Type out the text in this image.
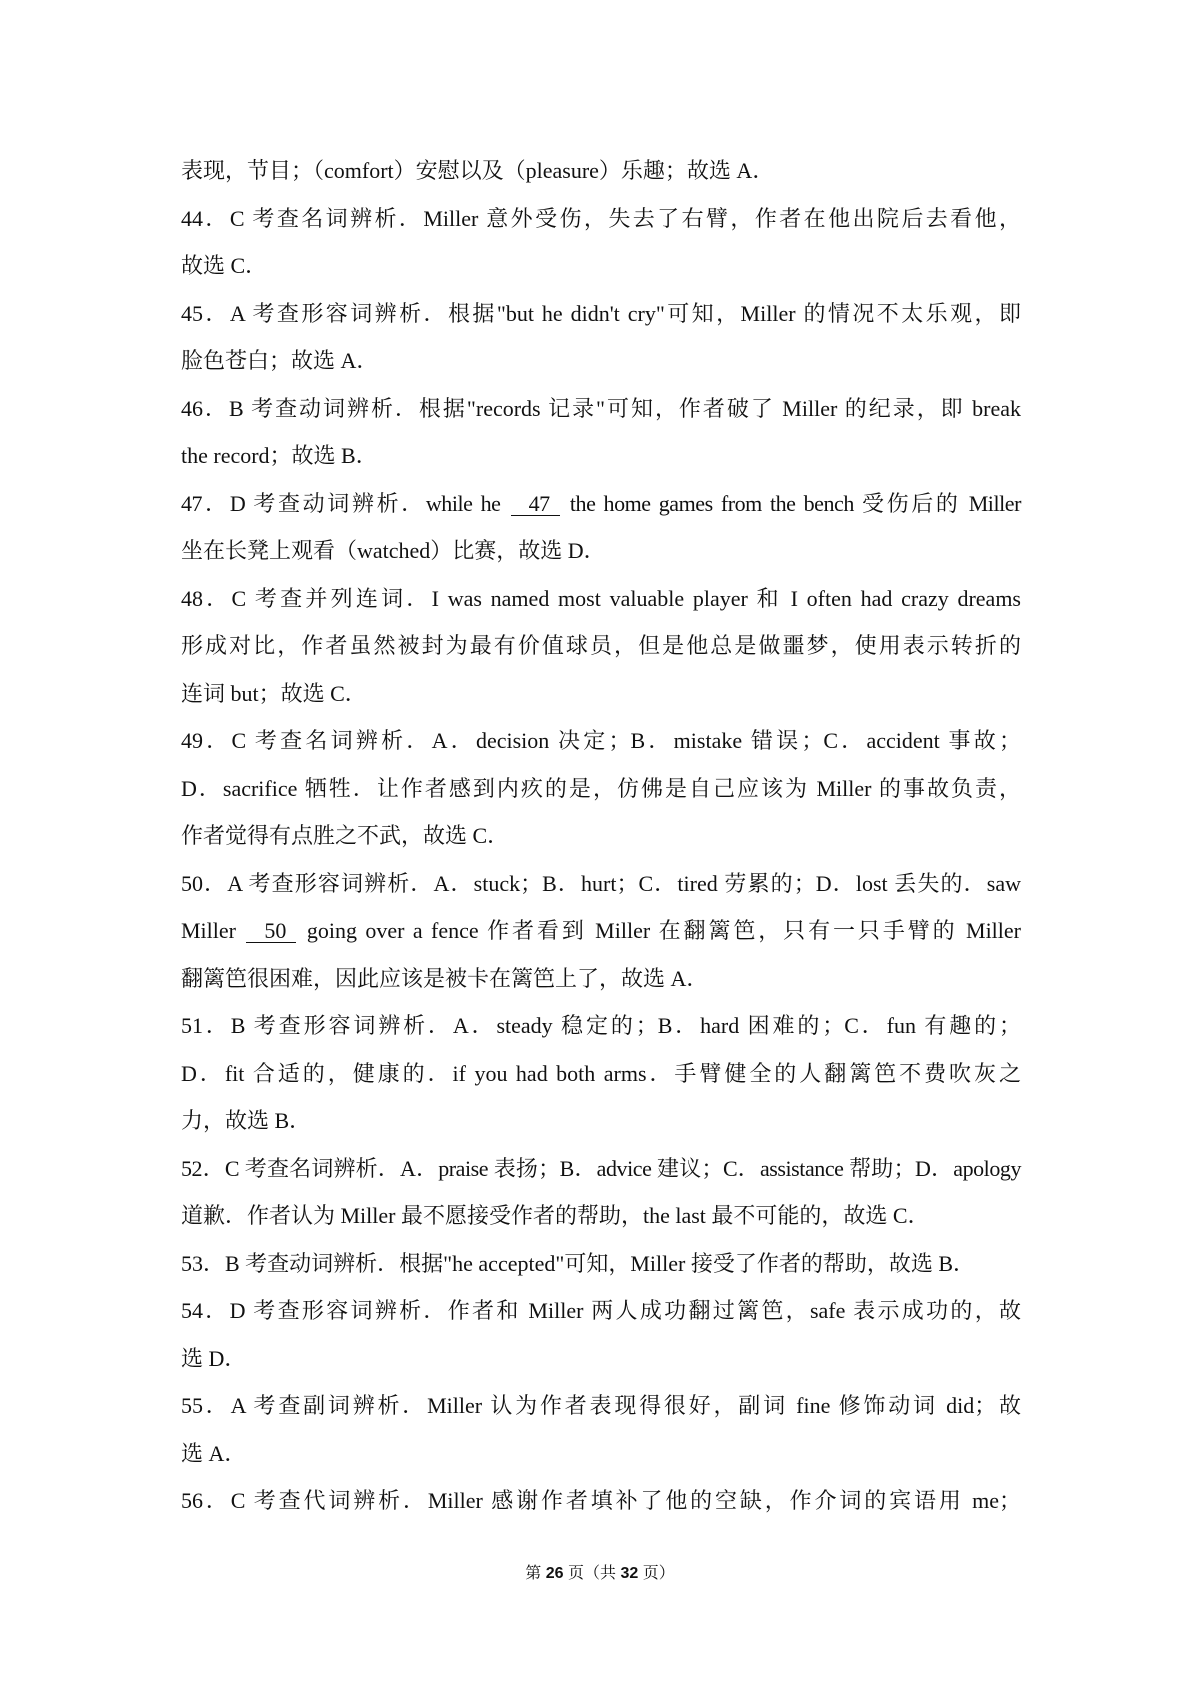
表现，节目；（comfort）安慰以及（pleasure）乐趣；故选 A．
44．C 考查名词辨析．Miller 意外受伤，失去了右臂，作者在他出院后去看他，
故选 C．
45．A 考查形容词辨析．根据"but he didn't cry"可知，Miller 的情况不太乐观，即
脸色苍白；故选 A．
46．B 考查动词辨析．根据"records 记录"可知，作者破了 Miller 的纪录，即 break
the record；故选 B．
47．D 考查动词辨析．while he 47 the home games from the bench 受伤后的 Miller
坐在长凳上观看（watched）比赛，故选 D．
48．C 考查并列连词．I was named most valuable player 和 I often had crazy dreams
形成对比，作者虽然被封为最有价值球员，但是他总是做噩梦，使用表示转折的
连词 but；故选 C．
49．C 考查名词辨析．A．decision 决定；B．mistake 错误；C．accident 事故；
D．sacrifice 牺牲．让作者感到内疚的是，仿佛是自己应该为 Miller 的事故负责，
作者觉得有点胜之不武，故选 C．
50．A 考查形容词辨析．A．stuck；B．hurt；C．tired 劳累的；D．lost 丢失的．saw
Miller 50 going over a fence 作者看到 Miller 在翻篱笆，只有一只手臂的 Miller
翻篱笆很困难，因此应该是被卡在篱笆上了，故选 A．
51．B 考查形容词辨析．A．steady 稳定的；B．hard 困难的；C．fun 有趣的；
D．fit 合适的，健康的．if you had both arms．手臂健全的人翻篱笆不费吹灰之
力，故选 B．
52．C 考查名词辨析．A．praise 表扬；B．advice 建议；C．assistance 帮助；D．apology
道歉．作者认为 Miller 最不愿接受作者的帮助，the last 最不可能的，故选 C．
53．B 考查动词辨析．根据"he accepted"可知，Miller 接受了作者的帮助，故选 B．
54．D 考查形容词辨析．作者和 Miller 两人成功翻过篱笆，safe 表示成功的，故
选 D．
55．A 考查副词辨析．Miller 认为作者表现得很好，副词 fine 修饰动词 did；故
选 A．
56．C 考查代词辨析．Miller 感谢作者填补了他的空缺，作介词的宾语用 me；
第 26 页（共 32 页）
